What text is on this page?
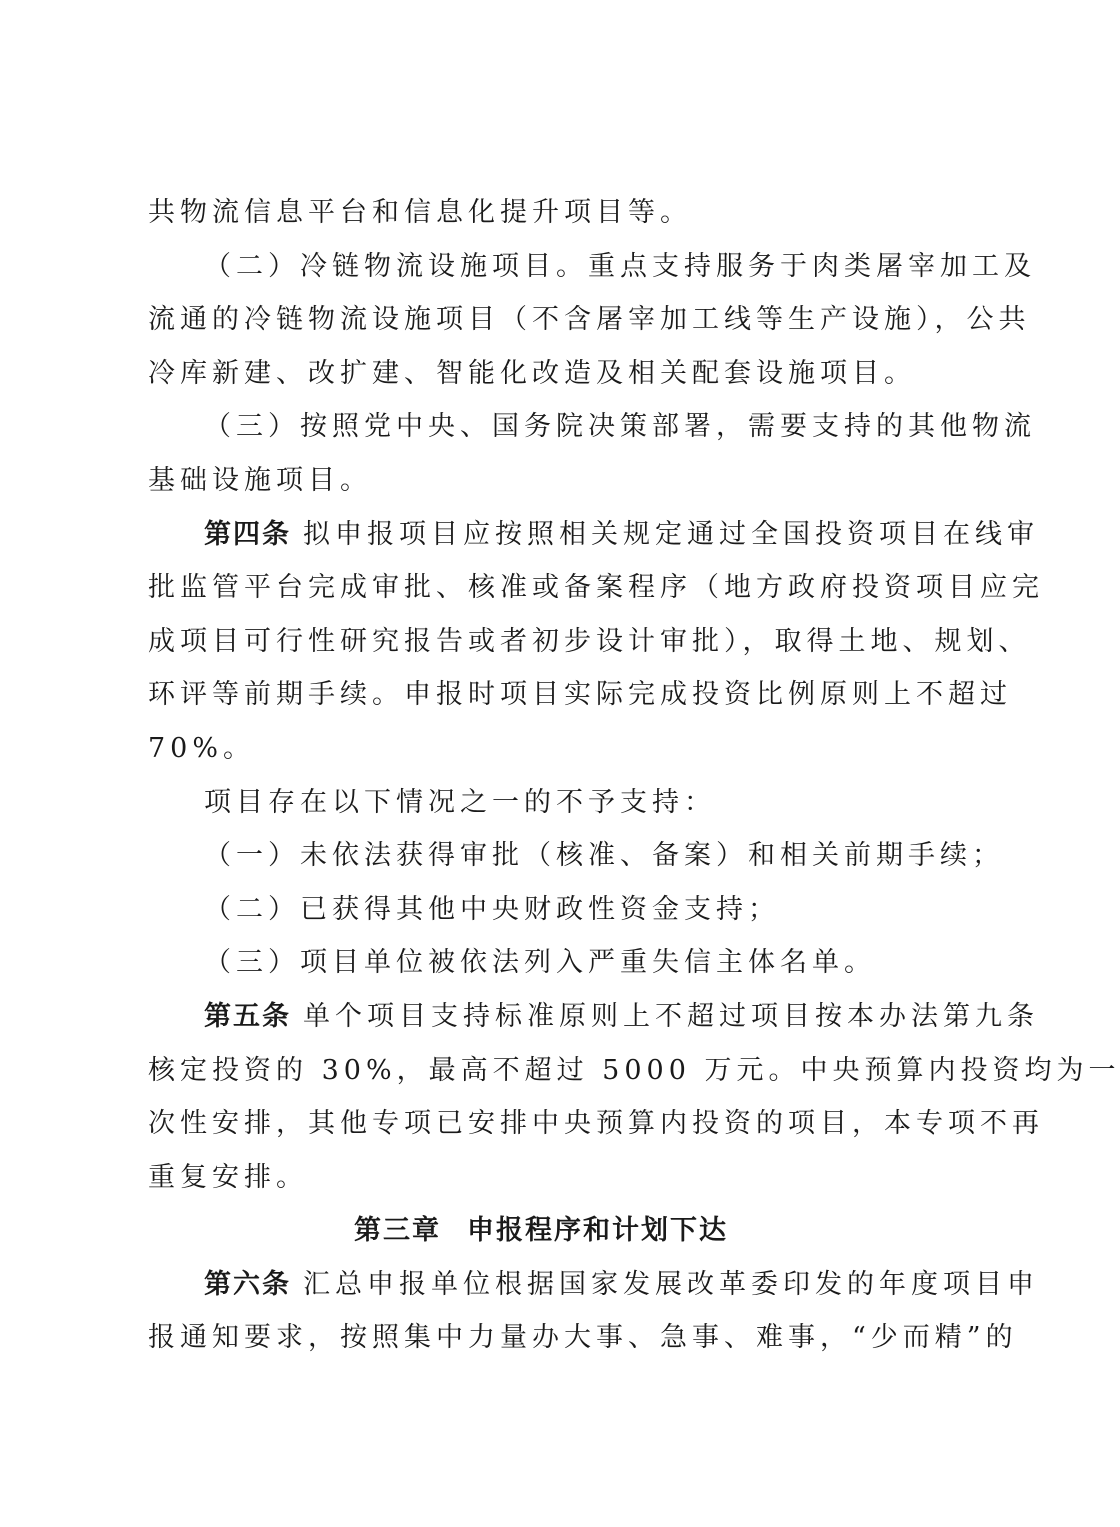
共物流信息平台和信息化提升项目等。
（二）冷链物流设施项目。重点支持服务于肉类屠宰加工及
流通的冷链物流设施项目（不含屠宰加工线等生产设施），公共
冷库新建、改扩建、智能化改造及相关配套设施项目。
（三）按照党中央、国务院决策部署，需要支持的其他物流
基础设施项目。
第四条 拟申报项目应按照相关规定通过全国投资项目在线审
批监管平台完成审批、核准或备案程序（地方政府投资项目应完
成项目可行性研究报告或者初步设计审批），取得土地、规划、
环评等前期手续。申报时项目实际完成投资比例原则上不超过
70%。
项目存在以下情况之一的不予支持：
（一）未依法获得审批（核准、备案）和相关前期手续；
（二）已获得其他中央财政性资金支持；
（三）项目单位被依法列入严重失信主体名单。
第五条 单个项目支持标准原则上不超过项目按本办法第九条
核定投资的 30%，最高不超过 5000 万元。中央预算内投资均为一
次性安排，其他专项已安排中央预算内投资的项目，本专项不再
重复安排。
第三章 申报程序和计划下达
第六条 汇总申报单位根据国家发展改革委印发的年度项目申
报通知要求，按照集中力量办大事、急事、难事，“少而精”的
